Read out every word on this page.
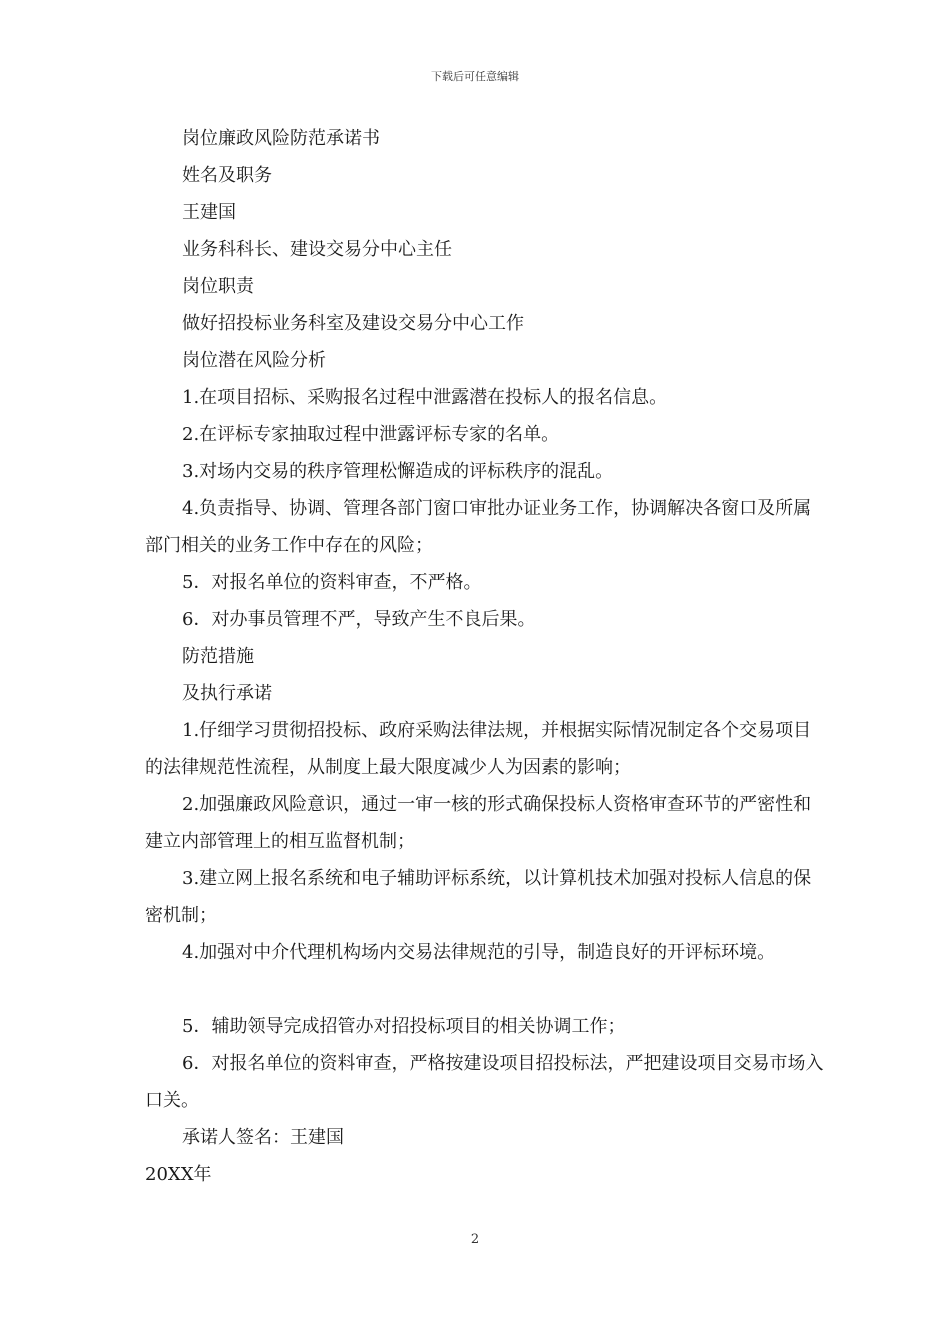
下载后可任意编辑

岗位廉政风险防范承诺书

姓名及职务

王建国

业务科科长、建设交易分中心主任

岗位职责

做好招投标业务科室及建设交易分中心工作

岗位潜在风险分析

1.在项目招标、采购报名过程中泄露潜在投标人的报名信息。

2.在评标专家抽取过程中泄露评标专家的名单。

3.对场内交易的秩序管理松懈造成的评标秩序的混乱。

4.负责指导、协调、管理各部门窗口审批办证业务工作，协调解决各窗口及所属部门相关的业务工作中存在的风险；

5．对报名单位的资料审查，不严格。

6．对办事员管理不严，导致产生不良后果。

防范措施

及执行承诺

1.仔细学习贯彻招投标、政府采购法律法规，并根据实际情况制定各个交易项目的法律规范性流程，从制度上最大限度减少人为因素的影响；

2.加强廉政风险意识，通过一审一核的形式确保投标人资格审查环节的严密性和建立内部管理上的相互监督机制；

3.建立网上报名系统和电子辅助评标系统，以计算机技术加强对投标人信息的保密机制；

4.加强对中介代理机构场内交易法律规范的引导，制造良好的开评标环境。

5．辅助领导完成招管办对招投标项目的相关协调工作；

6．对报名单位的资料审查，严格按建设项目招投标法，严把建设项目交易市场入口关。

承诺人签名：王建国

20XX年

2
